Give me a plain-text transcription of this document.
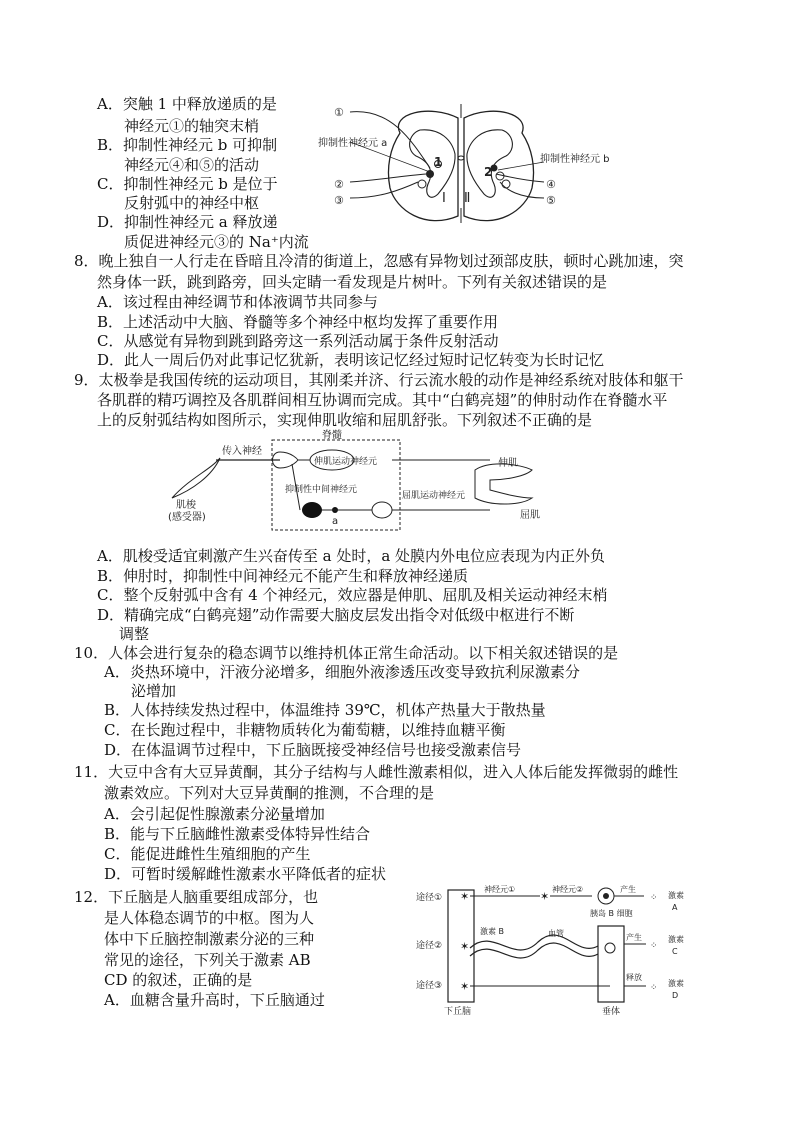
A．突触 1 中释放递质的是
神经元①的轴突末梢
B．抑制性神经元 b 可抑制
神经元④和⑤的活动
C．抑制性神经元 b 是位于
反射弧中的神经中枢
D．抑制性神经元 a 释放递
质促进神经元③的 Na⁺内流
①
②
③
④
⑤
抑制性神经元 a
抑制性神经元 b
1
2
Ⅰ Ⅱ
8．晚上独自一人行走在昏暗且冷清的街道上，忽感有异物划过颈部皮肤，顿时心跳加速，突
然身体一跃，跳到路旁，回头定睛一看发现是片树叶。下列有关叙述错误的是
A．该过程由神经调节和体液调节共同参与
B．上述活动中大脑、脊髓等多个神经中枢均发挥了重要作用
C．从感觉有异物到跳到路旁这一系列活动属于条件反射活动
D．此人一周后仍对此事记忆犹新，表明该记忆经过短时记忆转变为长时记忆
9．太极拳是我国传统的运动项目，其刚柔并济、行云流水般的动作是神经系统对肢体和躯干
各肌群的精巧调控及各肌群间相互协调而完成。其中“白鹤亮翅”的伸肘动作在脊髓水平
上的反射弧结构如图所示，实现伸肌收缩和屈肌舒张。下列叙述不正确的是
脊髓
传入神经
伸肌运动神经元
a
抑制性中间神经元
屈肌运动神经元
伸肌
屈肌
肌梭
(感受器)
A．肌梭受适宜刺激产生兴奋传至 a 处时，a 处膜内外电位应表现为内正外负
B．伸肘时，抑制性中间神经元不能产生和释放神经递质
C．整个反射弧中含有 4 个神经元，效应器是伸肌、屈肌及相关运动神经末梢
D．精确完成“白鹤亮翅”动作需要大脑皮层发出指令对低级中枢进行不断
调整
10．人体会进行复杂的稳态调节以维持机体正常生命活动。以下相关叙述错误的是
A．炎热环境中，汗液分泌增多，细胞外液渗透压改变导致抗利尿激素分
泌增加
B．人体持续发热过程中，体温维持 39℃，机体产热量大于散热量
C．在长跑过程中，非糖物质转化为葡萄糖，以维持血糖平衡
D．在体温调节过程中，下丘脑既接受神经信号也接受激素信号
11．大豆中含有大豆异黄酮，其分子结构与人雌性激素相似，进入人体后能发挥微弱的雌性
激素效应。下列对大豆异黄酮的推测，不合理的是
A．会引起促性腺激素分泌量增加
B．能与下丘脑雌性激素受体特异性结合
C．能促进雌性生殖细胞的产生
D．可暂时缓解雌性激素水平降低者的症状
12．下丘脑是人脑重要组成部分，也
是人体稳态调节的中枢。图为人
体中下丘脑控制激素分泌的三种
常见的途径，下列关于激素 AB
CD 的叙述，正确的是
A．血糖含量升高时，下丘脑通过
途径①
途径②
途径③
下丘脑	垂体
✶
神经元①
✶
神经元②
胰岛 B 细胞
产生
⁘ 激素
A
✶
激素 B	血管	产生
⁘
激素
C
✶
释放
⁘ 激素
D
